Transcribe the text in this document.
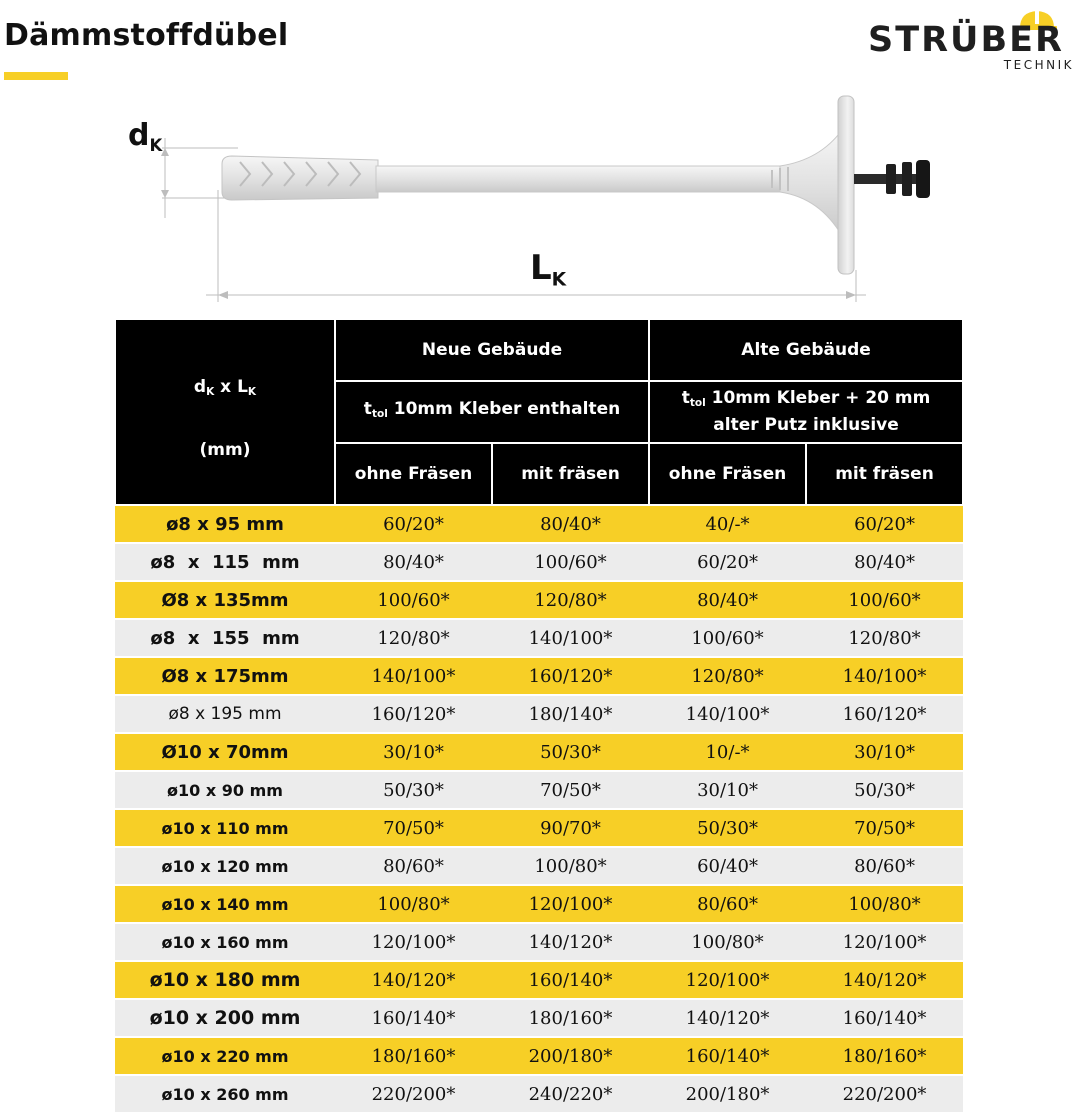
Dämmstoffdübel	STRÜBER
TECHNIK
$d_K$
$L_K$
$d_K$ x $L_K$
(mm)	Neue Gebäude		Alte Gebäude	
	$t_{tol}$ 10mm Kleber enthalten		$t_{tol}$ 10mm Kleber + 20 mm
alter Putz inklusive	

	ohne Fräsen	mit fräsen	ohne Fräsen	mit fräsen
ø8 x 95 mm	60/20*	80/40*	40/-*	60/20*
ø8  x  115  mm	80/40*	100/60*	60/20*	80/40*
Ø8 x 135mm	100/60*	120/80*	80/40*	100/60*
ø8  x  155  mm	120/80*	140/100*	100/60*	120/80*
Ø8 x 175mm	140/100*	160/120*	120/80*	140/100*
ø8 x 195 mm	160/120*	180/140*	140/100*	160/120*
Ø10 x 70mm	30/10*	50/30*	10/-*	30/10*
ø10 x 90 mm	50/30*	70/50*	30/10*	50/30*
ø10 x 110 mm	70/50*	90/70*	50/30*	70/50*
ø10 x 120 mm	80/60*	100/80*	60/40*	80/60*
ø10 x 140 mm	100/80*	120/100*	80/60*	100/80*
ø10 x 160 mm	120/100*	140/120*	100/80*	120/100*
ø10 x 180 mm	140/120*	160/140*	120/100*	140/120*
ø10 x 200 mm	160/140*	180/160*	140/120*	160/140*
ø10 x 220 mm	180/160*	200/180*	160/140*	180/160*
ø10 x 260 mm	220/200*	240/220*	200/180*	220/200*
